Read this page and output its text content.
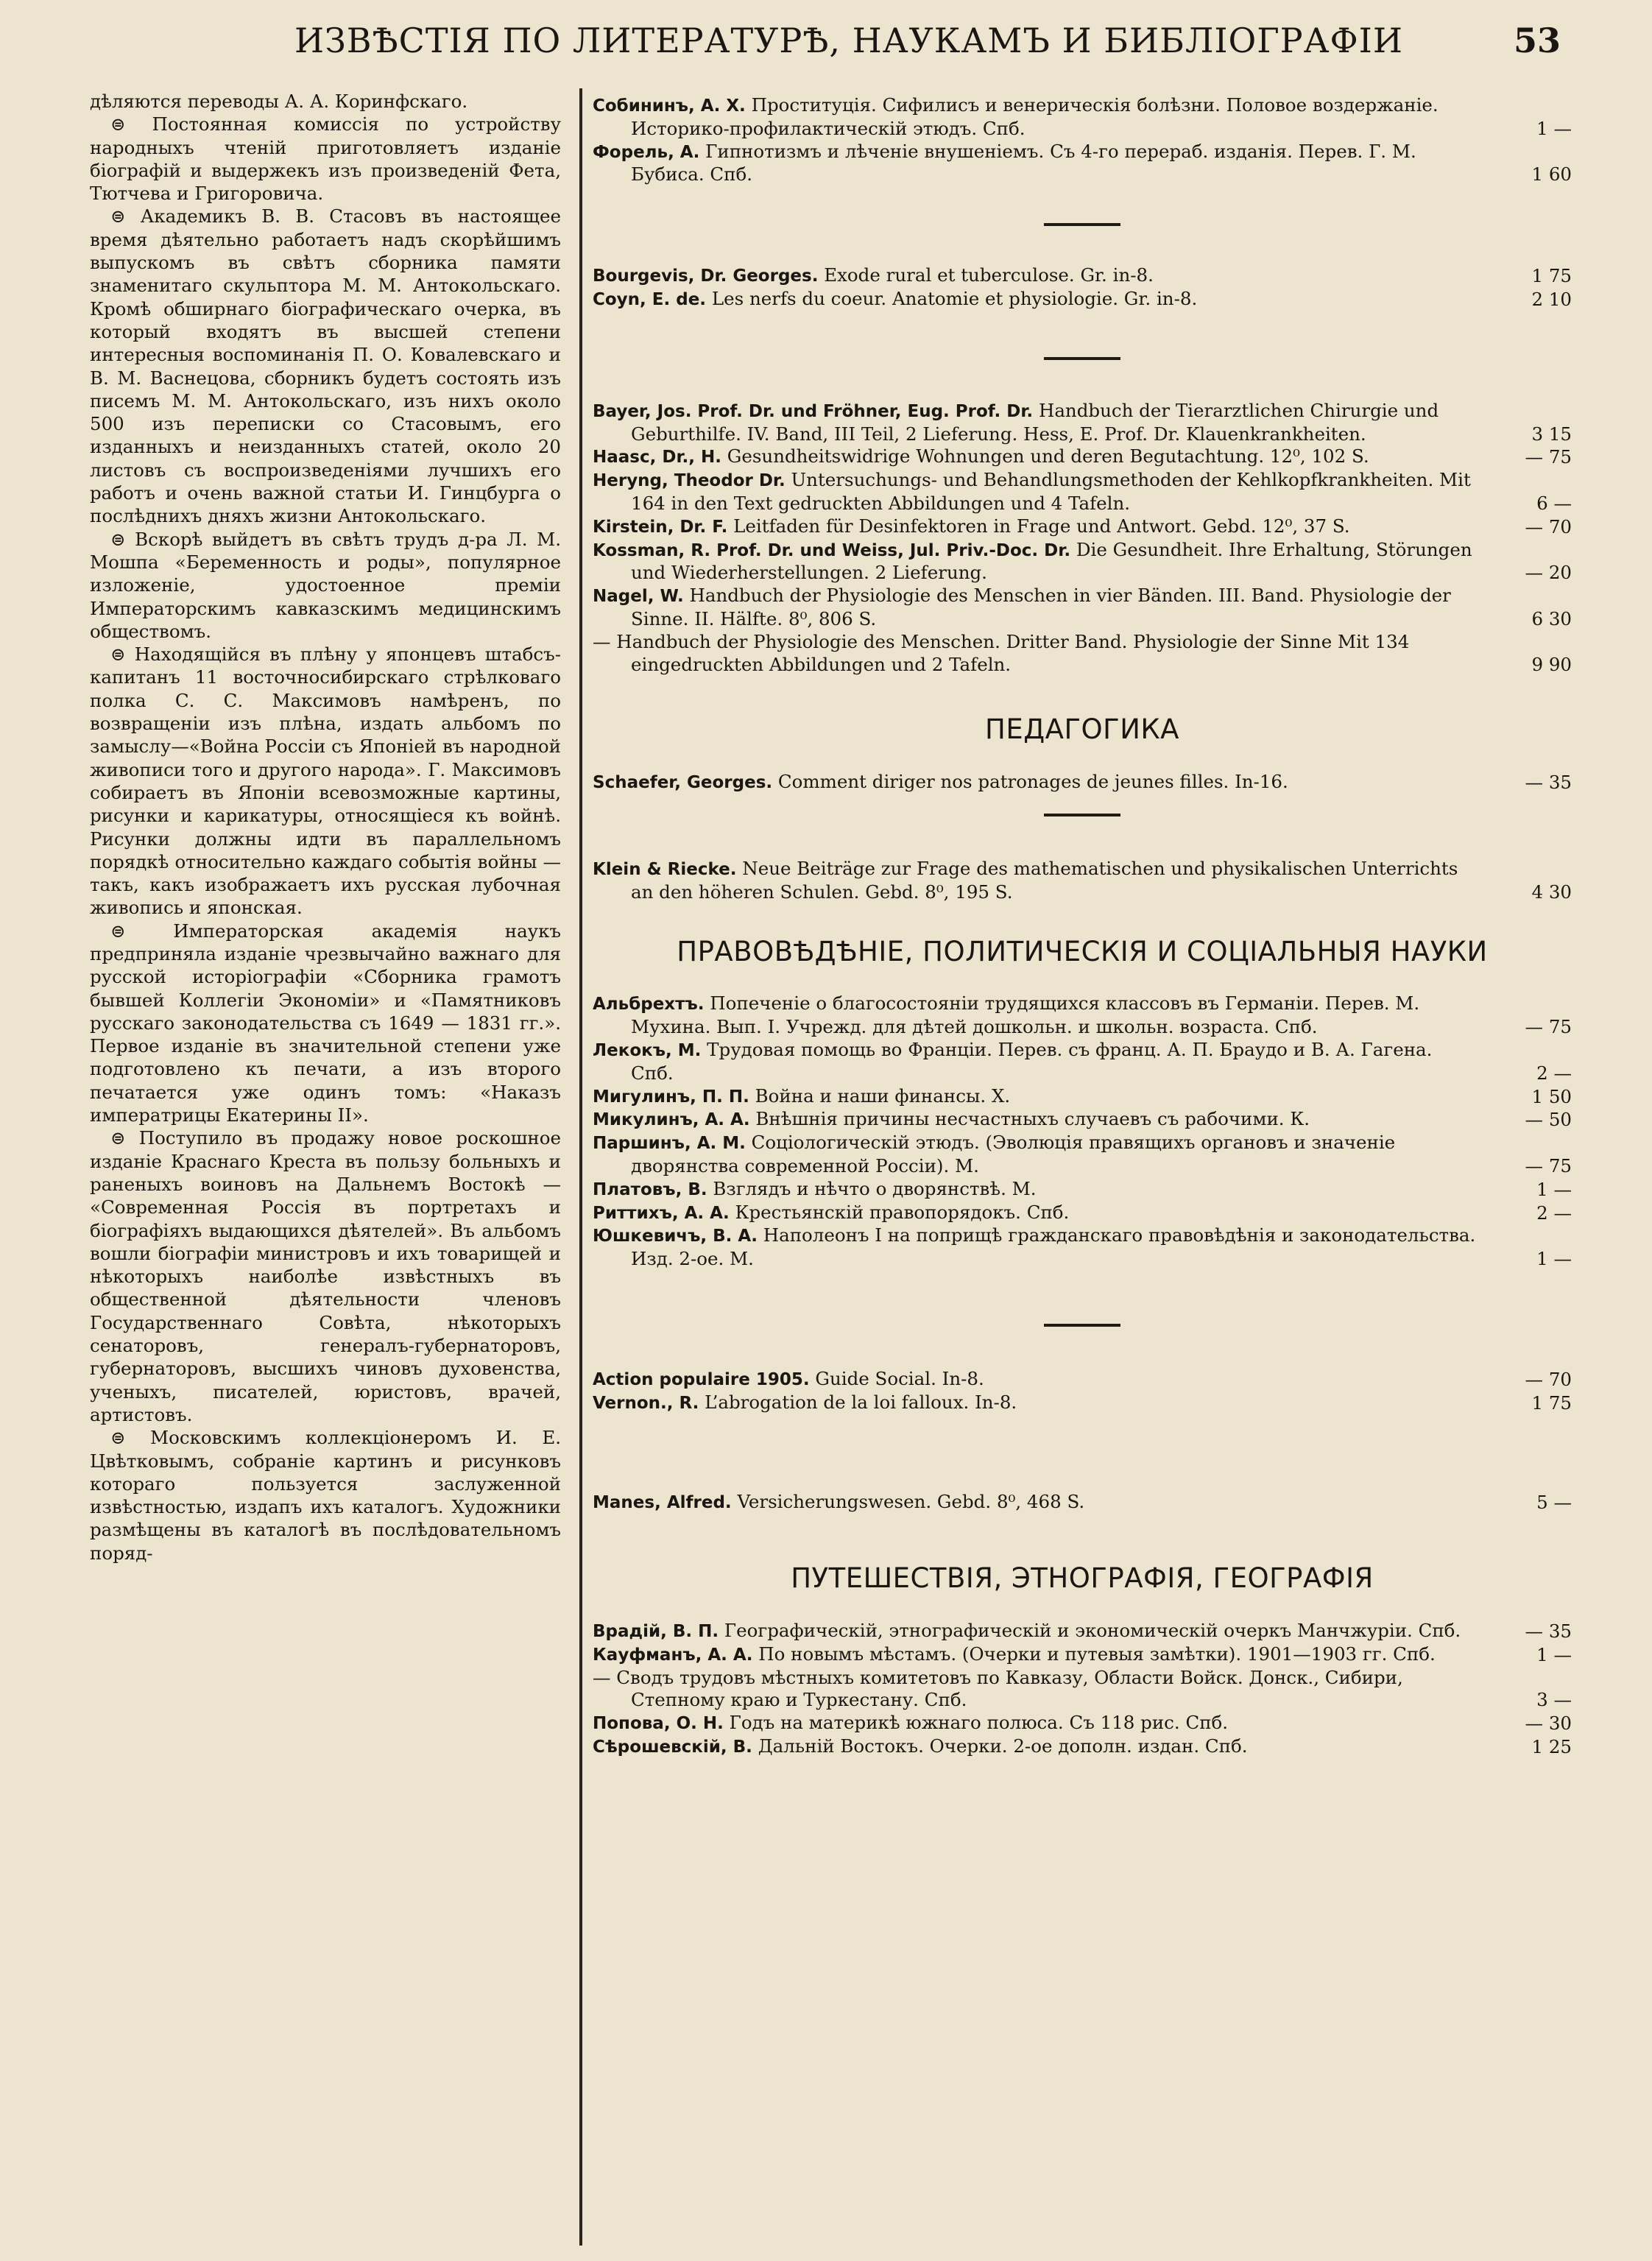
ИЗВѢСТІЯ ПО ЛИТЕРАТУРѢ, НАУКАМЪ И БИБЛІОГРАФІИ	53

дѣляются переводы А. А. Коринфскаго.

⊜ Постоянная комиссія по устройству народныхъ чтеній приготовляетъ изданіе біографій и выдержекъ изъ произведеній Фета, Тютчева и Григоровича.

⊜ Академикъ В. В. Стасовъ въ настоящее время дѣятельно работаетъ надъ скорѣйшимъ выпускомъ въ свѣтъ сборника памяти знаменитаго скульптора М. М. Антокольскаго. Кромѣ обширнаго біографическаго очерка, въ который входятъ въ высшей степени интересныя воспоминанія П. О. Ковалевскаго и В. М. Васнецова, сборникъ будетъ состоять изъ писемъ М. М. Антокольскаго, изъ нихъ около 500 изъ переписки со Стасовымъ, его изданныхъ и неизданныхъ статей, около 20 листовъ съ воспроизведеніями лучшихъ его работъ и очень важной статьи И. Гинцбурга о послѣднихъ дняхъ жизни Антокольскаго.

⊜ Вскорѣ выйдетъ въ свѣтъ трудъ д-ра Л. М. Мошпа «Беременность и роды», популярное изложеніе, удостоенное преміи Императорскимъ кавказскимъ медицинскимъ обществомъ.

⊜ Находящійся въ плѣну у японцевъ штабсъ-капитанъ 11 восточносибирскаго стрѣлковаго полка С. С. Максимовъ намѣренъ, по возвращеніи изъ плѣна, издать альбомъ по замыслу—«Война Россіи съ Японіей въ народной живописи того и другого народа». Г. Максимовъ собираетъ въ Японіи всевозможные картины, рисунки и карикатуры, относящіеся къ войнѣ. Рисунки должны идти въ параллельномъ порядкѣ относительно каждаго событія войны — такъ, какъ изображаетъ ихъ русская лубочная живопись и японская.

⊜ Императорская академія наукъ предприняла изданіе чрезвычайно важнаго для русской исторіографіи «Сборника грамотъ бывшей Коллегіи Экономіи» и «Памятниковъ русскаго законодательства съ 1649 — 1831 гг.». Первое изданіе въ значительной степени уже подготовлено къ печати, а изъ второго печатается уже одинъ томъ: «Наказъ императрицы Екатерины II».

⊜ Поступило въ продажу новое роскошное изданіе Краснаго Креста въ пользу больныхъ и раненыхъ воиновъ на Дальнемъ Востокѣ — «Современная Россія въ портретахъ и біографіяхъ выдающихся дѣятелей». Въ альбомъ вошли біографіи министровъ и ихъ товарищей и нѣкоторыхъ наиболѣе извѣстныхъ въ общественной дѣятельности членовъ Государственнаго Совѣта, нѣкоторыхъ сенаторовъ, генералъ-губернаторовъ, губернаторовъ, высшихъ чиновъ духовенства, ученыхъ, писателей, юристовъ, врачей, артистовъ.

⊜ Московскимъ коллекціонеромъ И. Е. Цвѣтковымъ, собраніе картинъ и рисунковъ котораго пользуется заслуженной извѣстностью, издапъ ихъ каталогъ. Художники размѣщены въ каталогѣ въ послѣдовательномъ поряд-

Собининъ, А. Х. Проституція. Сифилисъ и венерическія болѣзни. Половое воздержаніе. Историко-профилактическій этюдъ. Спб.	1 —
Форель, А. Гипнотизмъ и лѣченіе внушеніемъ. Съ 4-го перераб. изданія. Перев. Г. М. Бубиса. Спб.	1 60
Bourgevis, Dr. Georges. Exode rural et tuberculose. Gr. in-8.	1 75
Coyn, E. de. Les nerfs du coeur. Anatomie et physiologie. Gr. in-8.	2 10
Bayer, Jos. Prof. Dr. und Fröhner, Eug. Prof. Dr. Handbuch der Tierarztlichen Chirurgie und Geburthilfe. IV. Band, III Teil, 2 Lieferung. Hess, E. Prof. Dr. Klauenkrankheiten.	3 15
Haasc, Dr., H. Gesundheitswidrige Wohnungen und deren Begutachtung. 12⁰, 102 S.	— 75
Heryng, Theodor Dr. Untersuchungs- und Behandlungsmethoden der Kehlkopfkrankheiten. Mit 164 in den Text gedruckten Abbildungen und 4 Tafeln.	6 —
Kirstein, Dr. F. Leitfaden für Desinfektoren in Frage und Antwort. Gebd. 12⁰, 37 S.	— 70
Kossman, R. Prof. Dr. und Weiss, Jul. Priv.-Doc. Dr. Die Gesundheit. Ihre Erhaltung, Störungen und Wiederherstellungen. 2 Lieferung.	— 20
Nagel, W. Handbuch der Physiologie des Menschen in vier Bänden. III. Band. Physiologie der Sinne. II. Hälfte. 8⁰, 806 S.	6 30
— Handbuch der Physiologie des Menschen. Dritter Band. Physiologie der Sinne Mit 134 eingedruckten Abbildungen und 2 Tafeln.	9 90
ПЕДАГОГИКА
Schaefer, Georges. Comment diriger nos patronages de jeunes filles. In-16.	— 35
Klein & Riecke. Neue Beiträge zur Frage des mathematischen und physikalischen Unterrichts an den höheren Schulen. Gebd. 8⁰, 195 S.	4 30
ПРАВОВѢДѢНІЕ, ПОЛИТИЧЕСКІЯ И СОЦІАЛЬНЫЯ НАУКИ
Альбрехтъ. Попеченіе о благосостояніи трудящихся классовъ въ Германіи. Перев. М. Мухина. Вып. I. Учрежд. для дѣтей дошкольн. и школьн. возраста. Спб.	— 75
Лекокъ, М. Трудовая помощь во Франціи. Перев. съ франц. А. П. Браудо и В. А. Гагена. Спб.	2 —
Мигулинъ, П. П. Война и наши финансы. Х.	1 50
Микулинъ, А. А. Внѣшнія причины несчастныхъ случаевъ съ рабочими. К.	— 50
Паршинъ, А. М. Соціологическій этюдъ. (Эволюція правящихъ органовъ и значеніе дворянства современной Россіи). М.	— 75
Платовъ, В. Взглядъ и нѣчто о дворянствѣ. М.	1 —
Риттихъ, А. А. Крестьянскій правопорядокъ. Спб.	2 —
Юшкевичъ, В. А. Наполеонъ I на поприщѣ гражданскаго правовѣдѣнія и законодательства. Изд. 2-ое. М.	1 —
Action populaire 1905. Guide Social. In-8.	— 70
Vernon., R. L’abrogation de la loi falloux. In-8.	1 75
Manes, Alfred. Versicherungswesen. Gebd. 8⁰, 468 S.	5 —
ПУТЕШЕСТВІЯ, ЭТНОГРАФІЯ, ГЕОГРАФІЯ
Врадій, В. П. Географическій, этнографическій и экономическій очеркъ Манчжуріи. Спб.	— 35
Кауфманъ, А. А. По новымъ мѣстамъ. (Очерки и путевыя замѣтки). 1901—1903 гг. Спб.	1 —
— Сводъ трудовъ мѣстныхъ комитетовъ по Кавказу, Области Войск. Донск., Сибири, Степному краю и Туркестану. Спб.	3 —
Попова, О. Н. Годъ на материкѣ южнаго полюса. Съ 118 рис. Спб.	— 30
Сѣрошевскій, В. Дальній Востокъ. Очерки. 2-ое дополн. издан. Спб.	1 25
